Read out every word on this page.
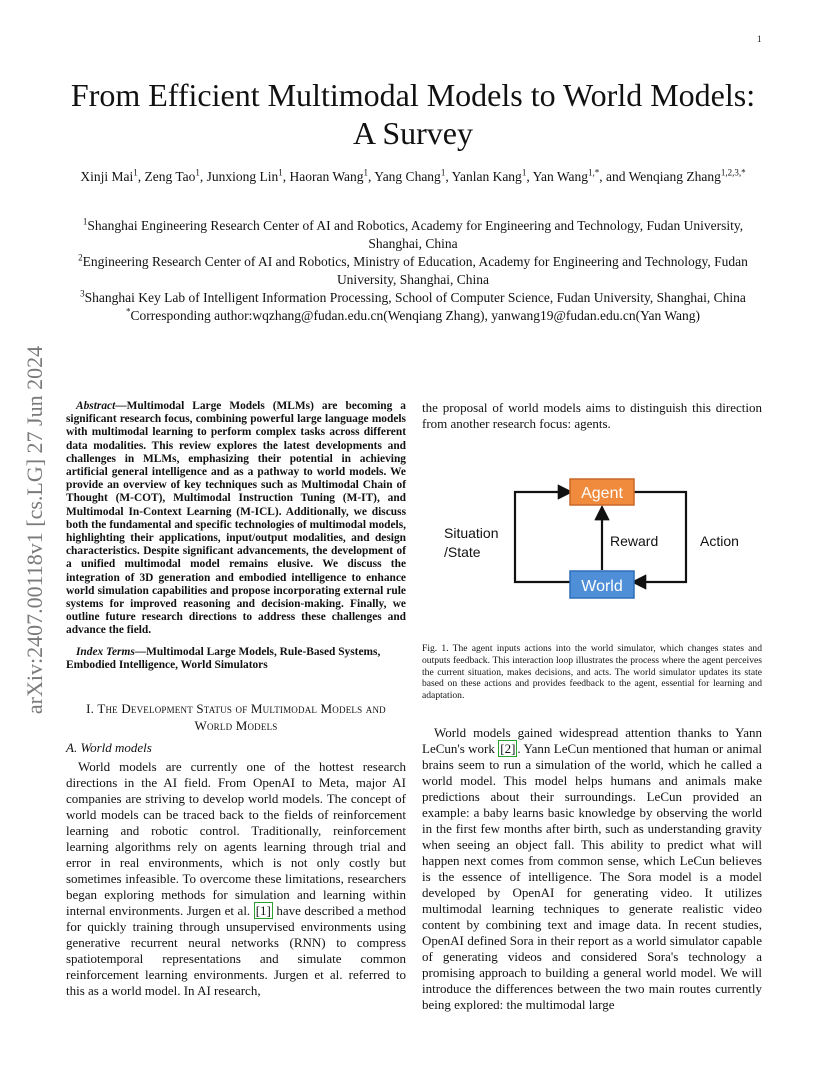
1
arXiv:2407.00118v1 [cs.LG] 27 Jun 2024
From Efficient Multimodal Models to World Models: A Survey
Xinji Mai$^1$, Zeng Tao$^1$, Junxiong Lin$^1$, Haoran Wang$^1$, Yang Chang$^1$, Yanlan Kang$^1$, Yan Wang$^{1,*}$, and Wenqiang Zhang$^{1,2,3,*}$

$^1$Shanghai Engineering Research Center of AI and Robotics, Academy for Engineering and Technology, Fudan University, Shanghai, China

$^2$Engineering Research Center of AI and Robotics, Ministry of Education, Academy for Engineering and Technology, Fudan University, Shanghai, China

$^3$Shanghai Key Lab of Intelligent Information Processing, School of Computer Science, Fudan University, Shanghai, China

*Corresponding author:wqzhang@fudan.edu.cn(Wenqiang Zhang), yanwang19@fudan.edu.cn(Yan Wang)

Abstract—Multimodal Large Models (MLMs) are becoming a significant research focus, combining powerful large language models with multimodal learning to perform complex tasks across different data modalities. This review explores the latest developments and challenges in MLMs, emphasizing their potential in achieving artificial general intelligence and as a pathway to world models. We provide an overview of key techniques such as Multimodal Chain of Thought (M-COT), Multimodal Instruction Tuning (M-IT), and Multimodal In-Context Learning (M-ICL). Additionally, we discuss both the fundamental and specific technologies of multimodal models, highlighting their applications, input/output modalities, and design characteristics. Despite significant advancements, the development of a unified multimodal model remains elusive. We discuss the integration of 3D generation and embodied intelligence to enhance world simulation capabilities and propose incorporating external rule systems for improved reasoning and decision-making. Finally, we outline future research directions to address these challenges and advance the field.

Index Terms—Multimodal Large Models, Rule-Based Systems, Embodied Intelligence, World Simulators

I. The Development Status of Multimodal Models and World Models
A. World models

World models are currently one of the hottest research directions in the AI field. From OpenAI to Meta, major AI companies are striving to develop world models. The concept of world models can be traced back to the fields of reinforcement learning and robotic control. Traditionally, reinforcement learning algorithms rely on agents learning through trial and error in real environments, which is not only costly but sometimes infeasible. To overcome these limitations, researchers began exploring methods for simulation and learning within internal environments. Jurgen et al. [1] have described a method for quickly training through unsupervised environments using generative recurrent neural networks (RNN) to compress spatiotemporal representations and simulate common reinforcement learning environments. Jurgen et al. referred to this as a world model. In AI research,

the proposal of world models aims to distinguish this direction from another research focus: agents.

Agent
World
Situation
/State
Reward	Action

Fig. 1. The agent inputs actions into the world simulator, which changes states and outputs feedback. This interaction loop illustrates the process where the agent perceives the current situation, makes decisions, and acts. The world simulator updates its state based on these actions and provides feedback to the agent, essential for learning and adaptation.

World models gained widespread attention thanks to Yann LeCun's work [2] . Yann LeCun mentioned that human or animal brains seem to run a simulation of the world, which he called a world model. This model helps humans and animals make predictions about their surroundings. LeCun provided an example: a baby learns basic knowledge by observing the world in the first few months after birth, such as understanding gravity when seeing an object fall. This ability to predict what will happen next comes from common sense, which LeCun believes is the essence of intelligence. The Sora model is a model developed by OpenAI for generating video. It utilizes multimodal learning techniques to generate realistic video content by combining text and image data. In recent studies, OpenAI defined Sora in their report as a world simulator capable of generating videos and considered Sora's technology a promising approach to building a general world model. We will introduce the differences between the two main routes currently being explored: the multimodal large
